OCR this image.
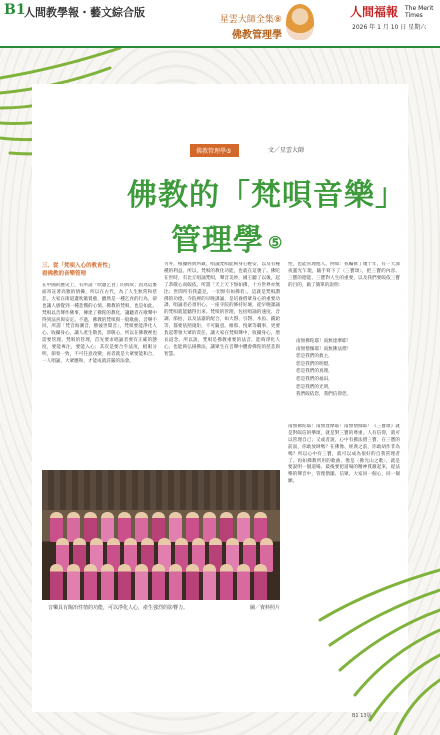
B1
人間教學報・藝文綜合版
星雲大師全集⑧
佛教管理學
人間福報 The Merit Times
2026 年 1 月 10 日 星期六
佛教管理學⑤	文／星雲大師
佛教的「梵唄音樂」
管理學 ⑤
三、從「梵唄入心的教育性」
看佛教的音樂管理
在中國的歷史上，有所謂「吹簫乞食」的典故；因為這裏面寄託著高雅的情操，所以在古代，為了人生無常和慈悲，大家在街道邊吹簫賣藝，雖然是一種乞食的行為，卻也讓人感覺到一種悲憫的心情。佛教的梵唄，也是如此。梵唄以音聲作佛事，傳達了佛陀的教化，讓聽者在歌聲中得到法喜與安定。不過，佛教的梵唄與一般歌曲、音樂不同，所謂「梵音海潮音，勝彼世間音」，梵唄要能淨化人心、收攝身心，讓人產生敬畏、恭敬心，所以在佛教裡也需要管理。梵唄的管理，首先要求唱誦者要有正確的態度，要能專注，要能入心；其次是要合乎法度，板眼分明，節奏一致，不可任意改變；再者就是大眾要能和合，一人唱誦，大眾應和，才能成就莊嚴的法會。
另外，根據經典所載，唱誦梵唄能夠身心輕安，以及有種種的利益。所以，梵唄的教化功能，也就在這裏了。佛陀在世時，有比丘唱誦梵唄，聲音美妙，國王聽了以後，起了恭敬心而皈依。所謂「天上天下無如佛，十方世界亦無比；世間所有我盡見，一切無有如佛者」，這就是梵唄讚佛的功德。寺院裡的早晚課誦，是培養僧眾身心的重要功課，唱誦者必須用心。一座寺院的修持好壞，從早晚課誦的梵唄就能聽得出來。梵唄的管理，包括唱誦的速度、音調、節拍，以及法器的配合，如大磬、引磬、木魚、鐺鉿等，都要依照規矩，不可隨意。維那、悅眾等職事，更要負起帶領大眾的責任，讓大家在梵唄聲中，收攝身心，增長道念。所以說，梵唄是佛教重要的法音，能夠淨化人心，也能夠弘揚佛法，讓眾生在音聲中體會佛陀的慈悲與智慧。
性，也能管理他人。例如：我編撰了幾十年，有一天深夜靈光乍現，隨手寫下了〈三寶頌〉，把三寶的內容、三寶的德能、三寶對人生的重要，以及我們要皈依三寶的目的，做了簡單的說明：
南無佛陀耶！南無達摩耶！
南無僧伽耶！南無佛法僧！
您是我們的救主，
您是我們的明燈，
您是我們的真理，
您是我們的福田，
您是我們的光明，
我們皈依您，我們信仰您，
南無佛陀耶！南無達摩耶！南無僧伽耶！《三寶頌》就是對皈信的樂頌，就是對三寶的尊重。人有信仰，就可以管理自己；又或者說，心中有佛法僧三寶，在三寶的前面，你敢放肆嗎？在佛像、經典之前，你敢胡作非為嗎？所以心中有三寶，就可以成為很好的自我管理者了。再如佛教所用的歌曲，像是〈佛光山之歌〉，就是要說明一個道場，最後要把道場的精神貫徹起來，從法樂的聲音中，管理僧團、信眾，大家同一個心，同一個願。
音樂具有陶冶性情的功能，可以淨化人心，產生強烈的影響力。	圖／資料照片
B1 13版
